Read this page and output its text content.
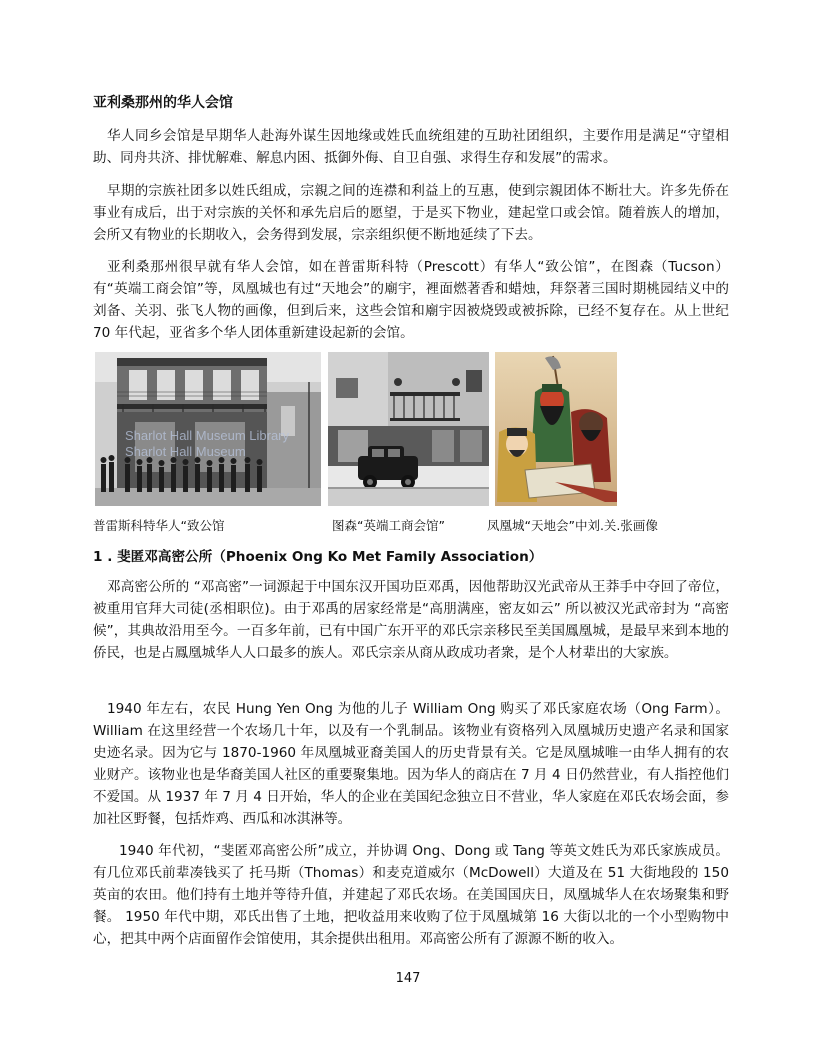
亚利桑那州的华人会馆
华人同乡会馆是早期华人赴海外谋生因地缘或姓氏血统组建的互助社团组织，主要作用是满足“守望相助、同舟共济、排忧解难、解息内困、抵御外侮、自卫自强、求得生存和发展”的需求。
早期的宗族社团多以姓氏组成，宗親之间的连襟和利益上的互惠，使到宗親团体不断壮大。许多先侨在事业有成后，出于对宗族的关怀和承先启后的愿望，于是买下物业，建起堂口或会馆。随着族人的增加，会所又有物业的长期收入，会务得到发展，宗亲组织便不断地延续了下去。
亚利桑那州很早就有华人会馆，如在普雷斯科特（Prescott）有华人“致公馆”，在图森（Tucson）有“英端工商会馆”等，凤凰城也有过“天地会”的廟宇，裡面燃著香和蜡烛，拜祭著三国时期桃园结义中的刘备、关羽、张飞人物的画像，但到后来，这些会馆和廟宇因被烧毁或被拆除，已经不复存在。从上世纪 70 年代起，亚省多个华人团体重新建设起新的会馆。
Sharlot Hall Museum Library
Sharlot Hall Museum
普雷斯科特华人“致公馆	图森“英端工商会馆”	凤凰城“天地会”中刘.关.张画像
1 . 斐匿邓高密公所（Phoenix Ong Ko Met Family Association）
邓高密公所的 “邓高密”一词源起于中国东汉开国功臣邓禹，因他帮助汉光武帝从王莽手中夺回了帝位，被重用官拜大司徒(丞相职位)。由于邓禹的居家经常是“高朋满座，密友如云” 所以被汉光武帝封为 “高密候”，其典故沿用至今。一百多年前，已有中国广东开平的邓氏宗亲移民至美国鳳凰城，是最早来到本地的侨民，也是占鳳凰城华人人口最多的族人。邓氏宗亲从商从政成功者衆，是个人材辈出的大家族。
1940 年左右，农民 Hung Yen Ong 为他的儿子 William Ong 购买了邓氏家庭农场（Ong Farm）。William 在这里经营一个农场几十年，以及有一个乳制品。该物业有资格列入凤凰城历史遗产名录和国家史迹名录。因为它与 1870-1960 年凤凰城亚裔美国人的历史背景有关。它是凤凰城唯一由华人拥有的农业财产。该物业也是华裔美国人社区的重要聚集地。因为华人的商店在 7 月 4 日仍然营业，有人指控他们不爱国。从 1937 年 7 月 4 日开始，华人的企业在美国纪念独立日不营业，华人家庭在邓氏农场会面，参加社区野餐，包括炸鸡、西瓜和冰淇淋等。
1940 年代初，“斐匿邓高密公所”成立，并协调 Ong、Dong 或 Tang 等英文姓氏为邓氏家族成员。有几位邓氏前辈凑钱买了 托马斯（Thomas）和麦克道威尔（McDowell）大道及在 51 大街地段的 150 英亩的农田。他们持有土地并等待升值，并建起了邓氏农场。在美国国庆日，凤凰城华人在农场聚集和野餐。 1950 年代中期，邓氏出售了土地，把收益用来收购了位于凤凰城第 16 大街以北的一个小型购物中心，把其中两个店面留作会馆使用，其余提供出租用。邓高密公所有了源源不断的收入。
147
